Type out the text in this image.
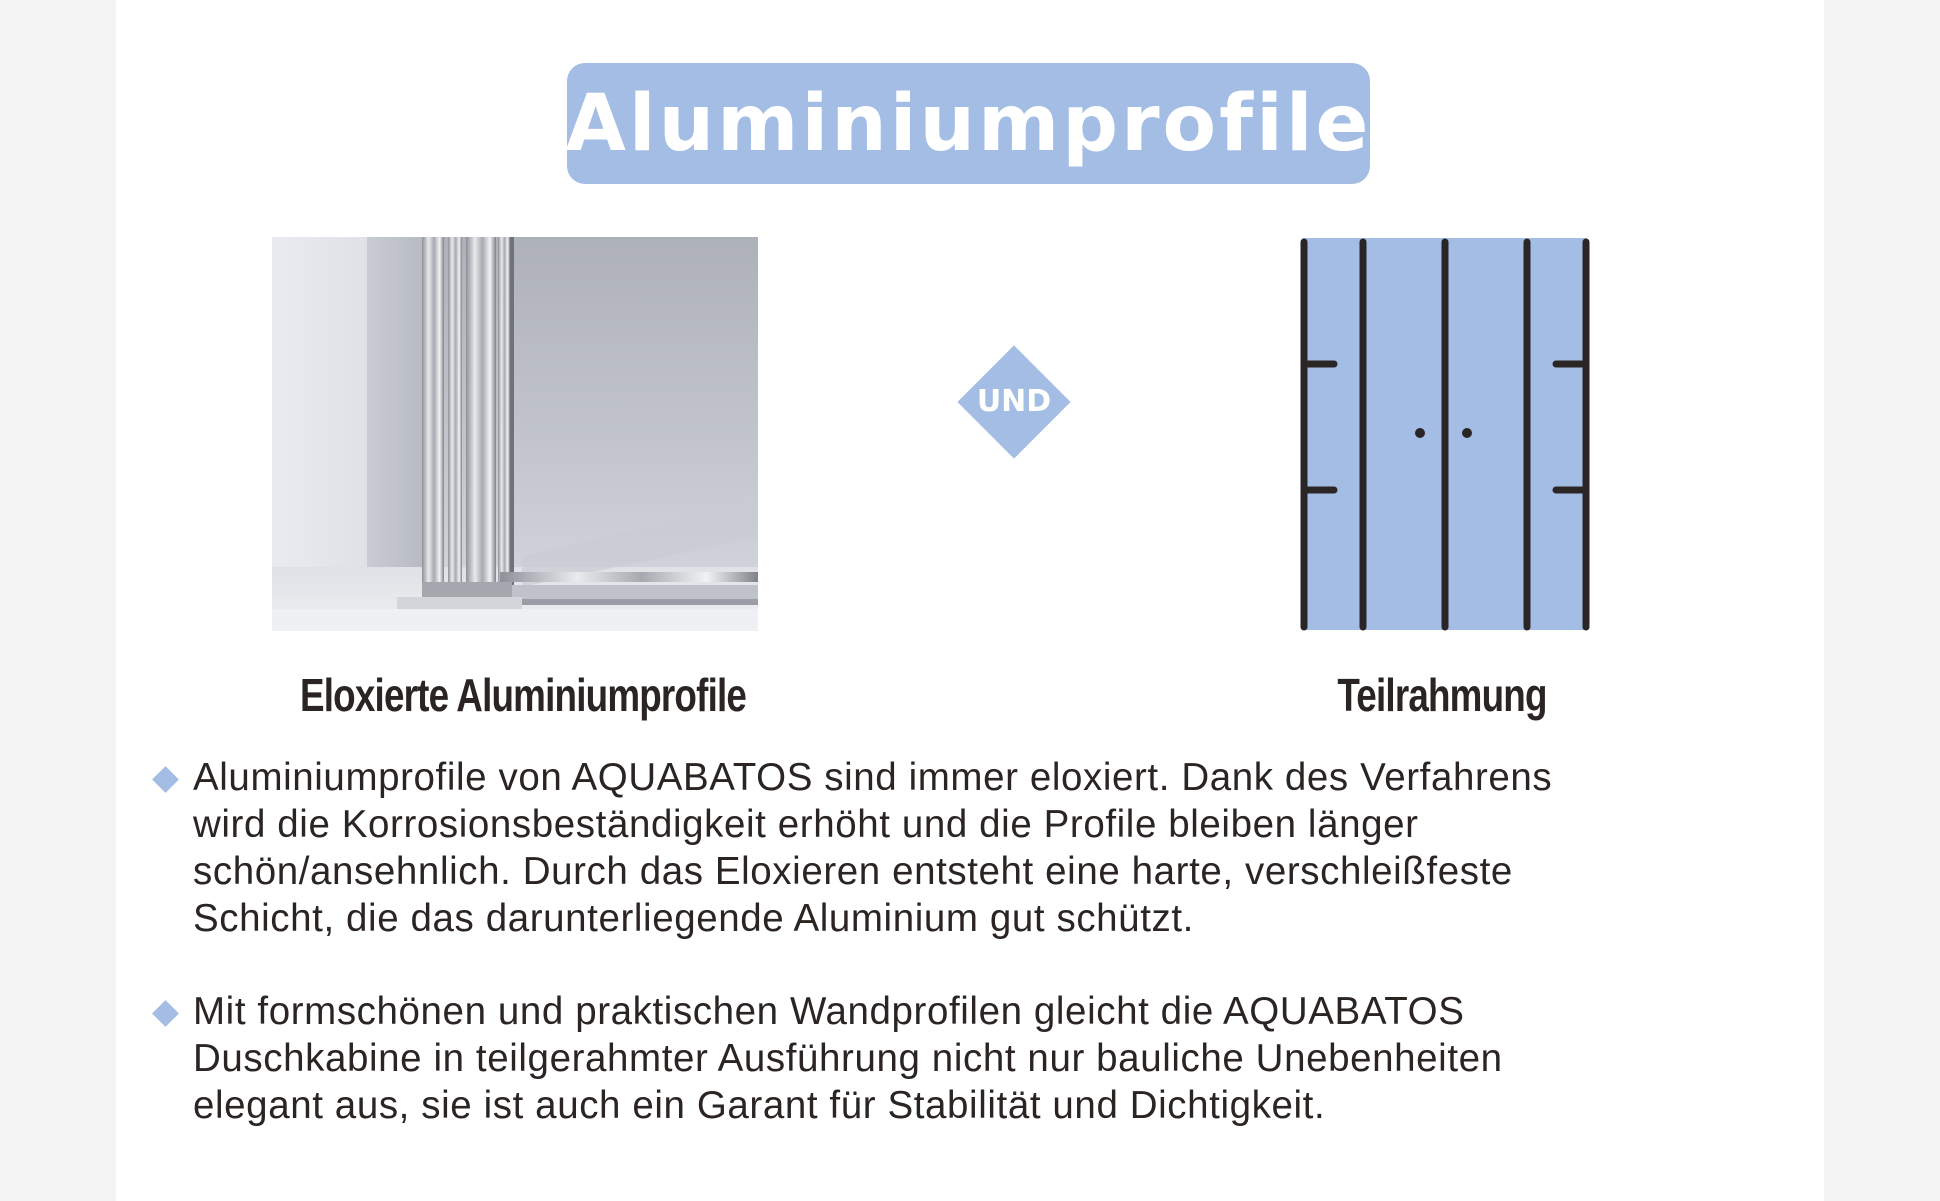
Aluminiumprofile
UND
Eloxierte Aluminiumprofile	Teilrahmung
Aluminiumprofile von AQUABATOS sind immer eloxiert. Dank des Verfahrens
wird die Korrosionsbeständigkeit erhöht und die Profile bleiben länger
schön/ansehnlich. Durch das Eloxieren entsteht eine harte, verschleißfeste
Schicht, die das darunterliegende Aluminium gut schützt.
Mit formschönen und praktischen Wandprofilen gleicht die AQUABATOS
Duschkabine in teilgerahmter Ausführung nicht nur bauliche Unebenheiten
elegant aus, sie ist auch ein Garant für Stabilität und Dichtigkeit.
